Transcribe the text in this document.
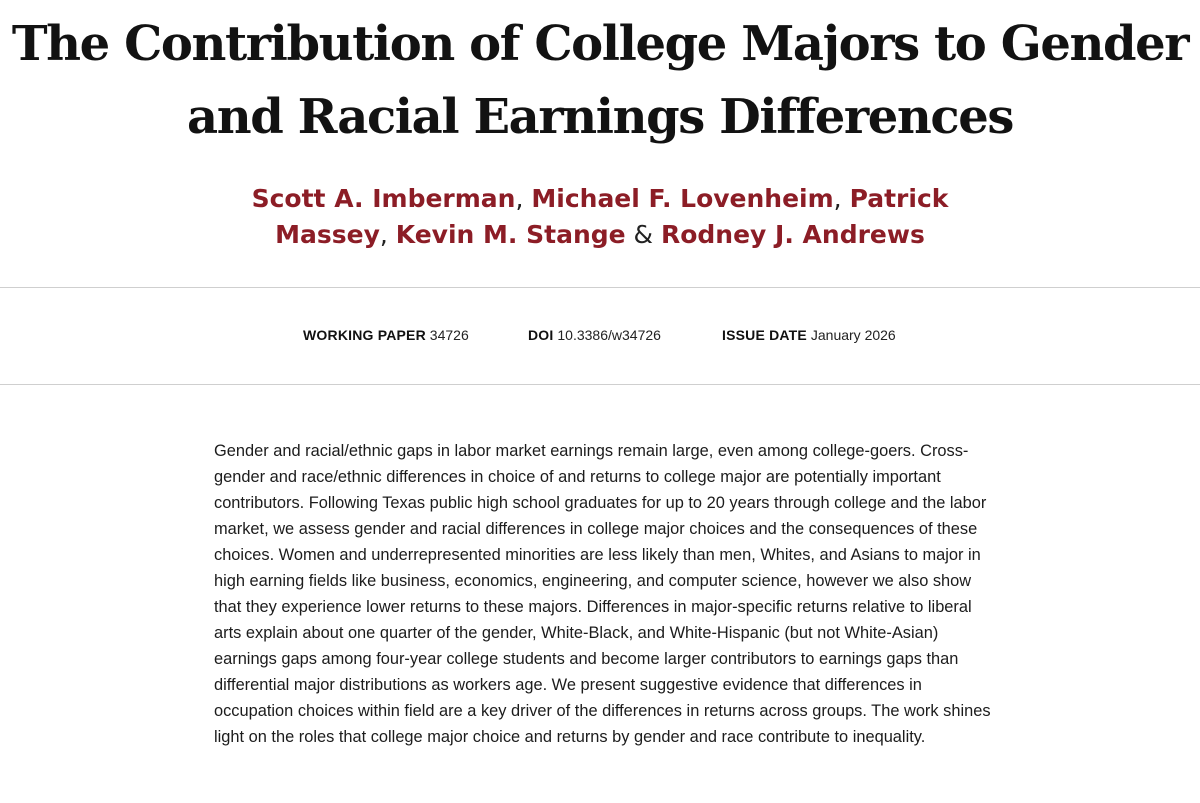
The Contribution of College Majors to Gender and Racial Earnings Differences
Scott A. Imberman, Michael F. Lovenheim, Patrick Massey, Kevin M. Stange & Rodney J. Andrews
WORKING PAPER 34726	DOI 10.3386/w34726	ISSUE DATE January 2026

Gender and racial/ethnic gaps in labor market earnings remain large, even among college-goers. Cross-gender and race/ethnic differences in choice of and returns to college major are potentially important contributors. Following Texas public high school graduates for up to 20 years through college and the labor market, we assess gender and racial differences in college major choices and the consequences of these choices. Women and underrepresented minorities are less likely than men, Whites, and Asians to major in high earning fields like business, economics, engineering, and computer science, however we also show that they experience lower returns to these majors. Differences in major-specific returns relative to liberal arts explain about one quarter of the gender, White-Black, and White-Hispanic (but not White-Asian) earnings gaps among four-year college students and become larger contributors to earnings gaps than differential major distributions as workers age. We present suggestive evidence that differences in occupation choices within field are a key driver of the differences in returns across groups. The work shines light on the roles that college major choice and returns by gender and race contribute to inequality.
